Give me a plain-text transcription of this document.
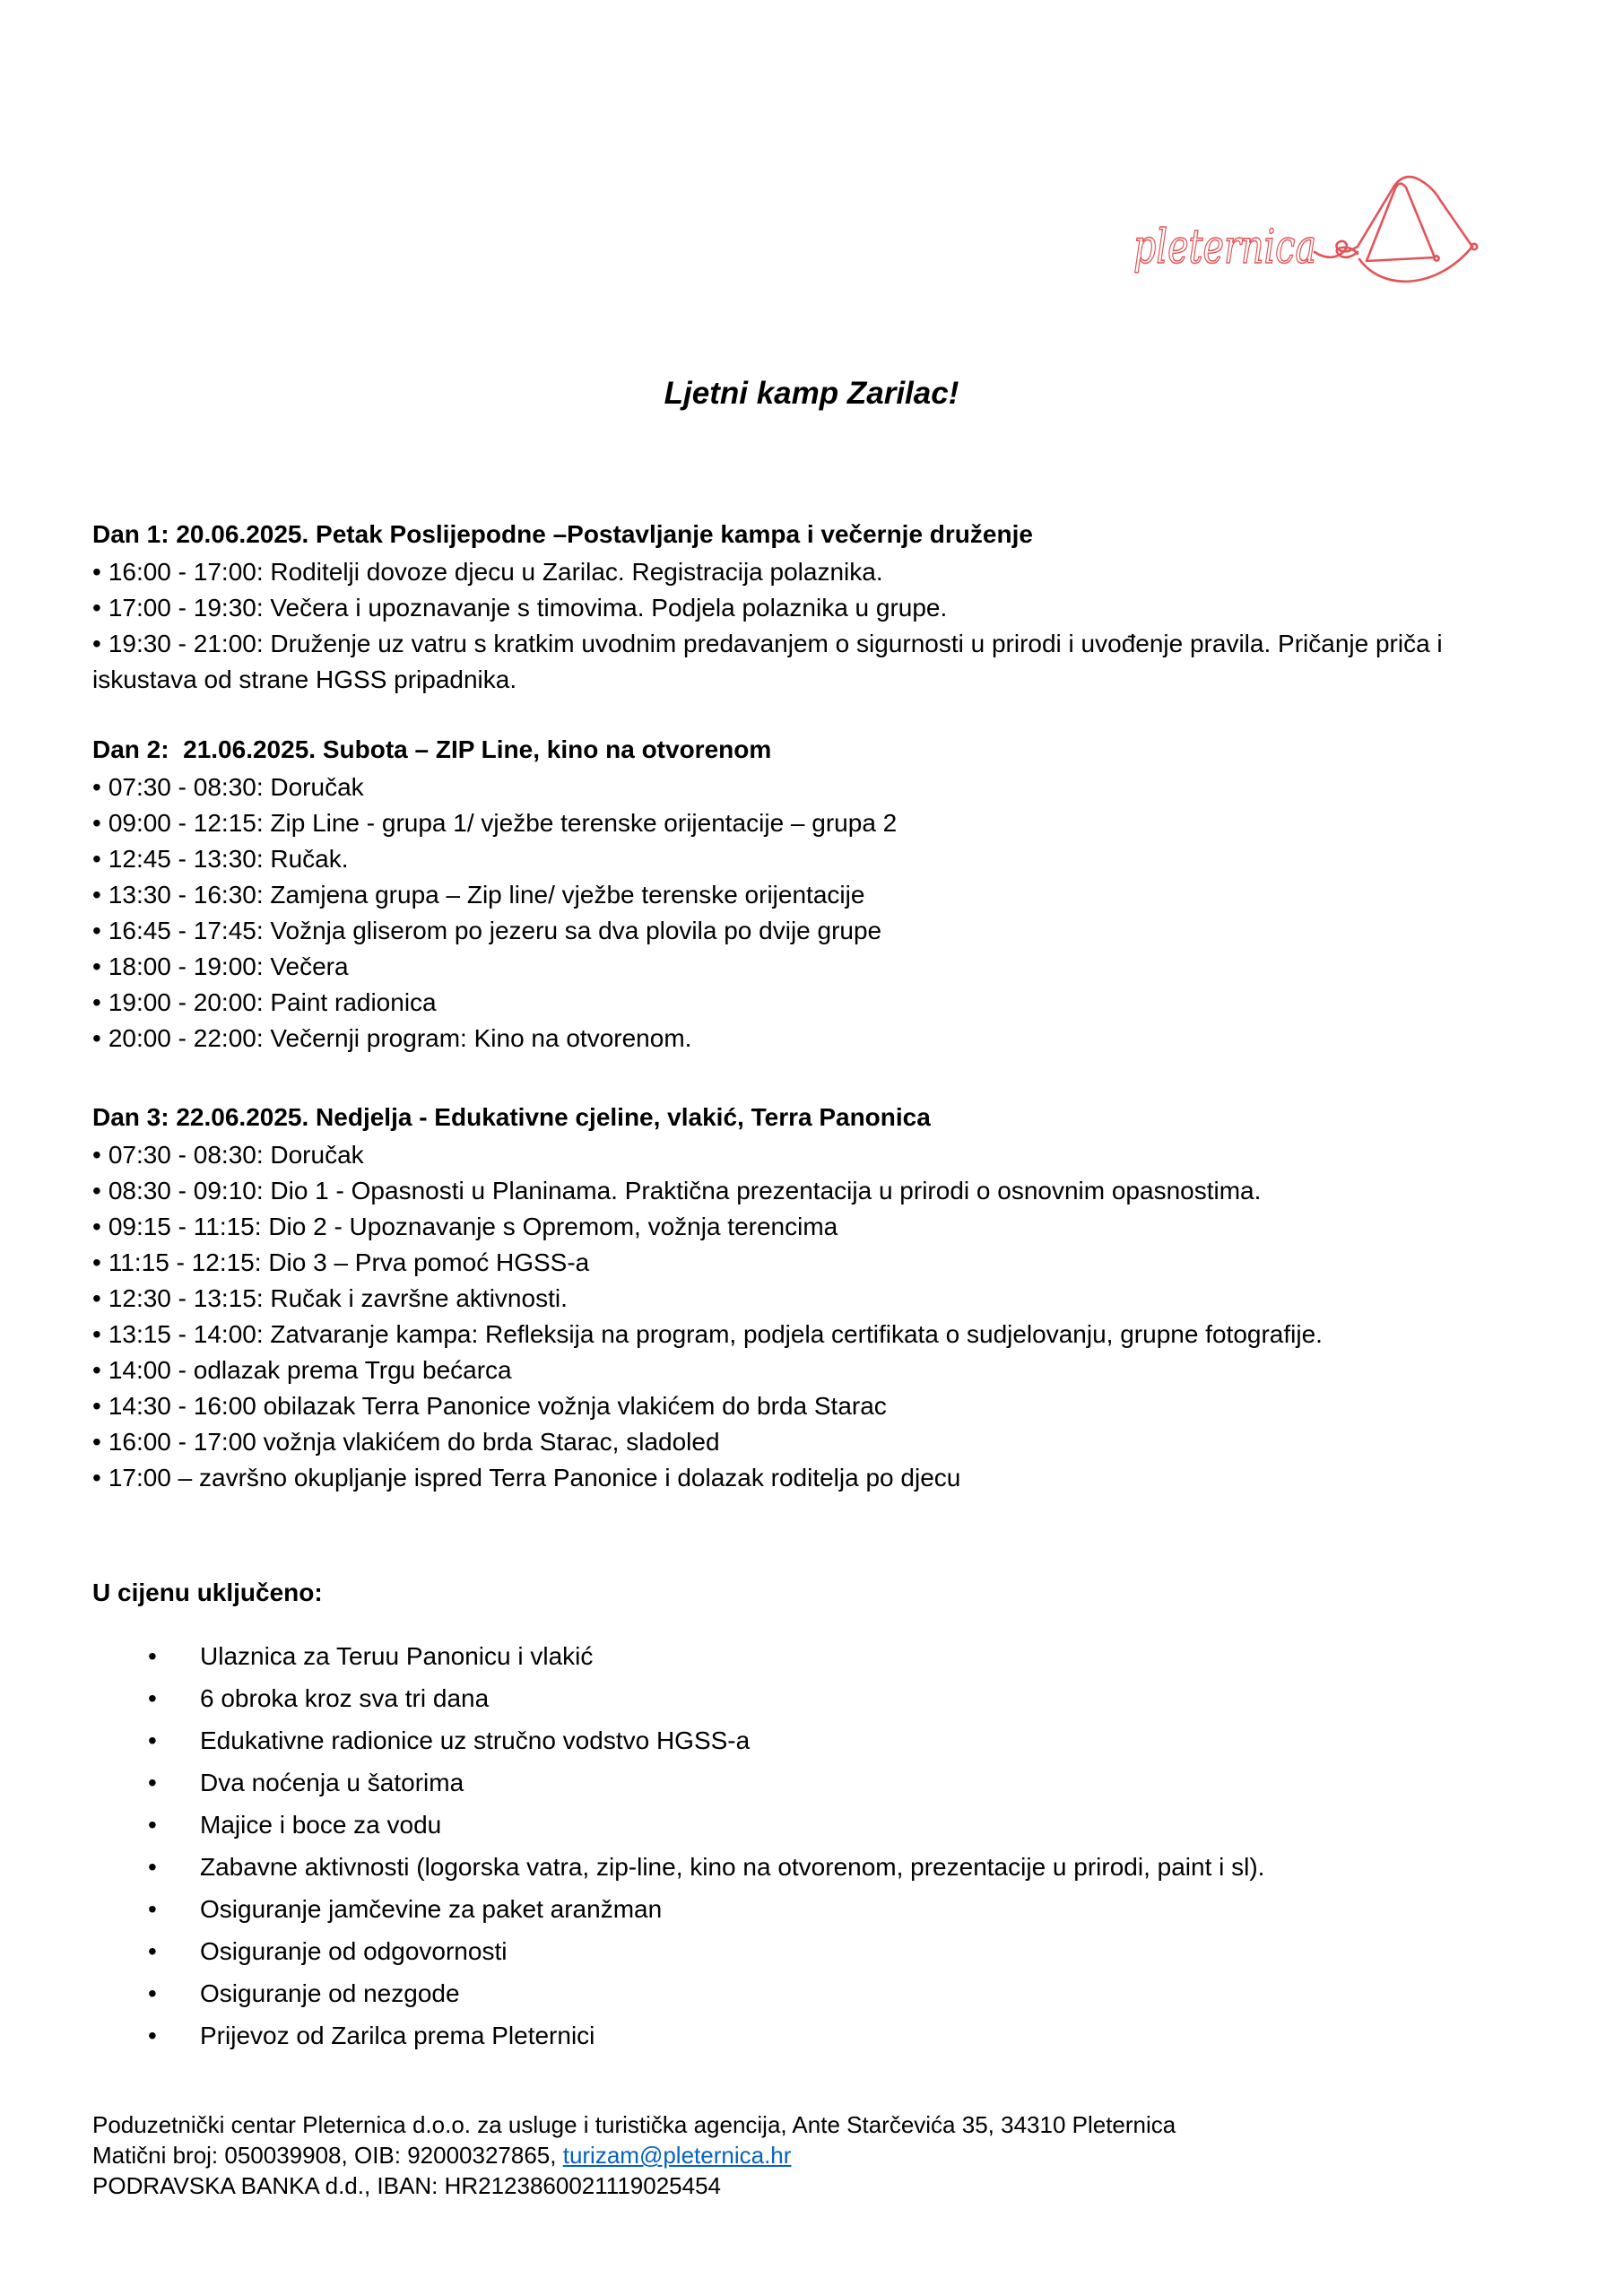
pleternica
Ljetni kamp Zarilac!
Dan 1: 20.06.2025. Petak Poslijepodne –Postavljanje kampa i večernje druženje

• 16:00 - 17:00: Roditelji dovoze djecu u Zarilac. Registracija polaznika.

• 17:00 - 19:30: Večera i upoznavanje s timovima. Podjela polaznika u grupe.

• 19:30 - 21:00: Druženje uz vatru s kratkim uvodnim predavanjem o sigurnosti u prirodi i uvođenje pravila. Pričanje priča i iskustava od strane HGSS pripadnika.

Dan 2:  21.06.2025. Subota – ZIP Line, kino na otvorenom

• 07:30 - 08:30: Doručak

• 09:00 - 12:15: Zip Line - grupa 1/ vježbe terenske orijentacije – grupa 2

• 12:45 - 13:30: Ručak.

• 13:30 - 16:30: Zamjena grupa – Zip line/ vježbe terenske orijentacije

• 16:45 - 17:45: Vožnja gliserom po jezeru sa dva plovila po dvije grupe

• 18:00 - 19:00: Večera

• 19:00 - 20:00: Paint radionica

• 20:00 - 22:00: Večernji program: Kino na otvorenom.

Dan 3: 22.06.2025. Nedjelja - Edukativne cjeline, vlakić, Terra Panonica

• 07:30 - 08:30: Doručak

• 08:30 - 09:10: Dio 1 - Opasnosti u Planinama. Praktična prezentacija u prirodi o osnovnim opasnostima.

• 09:15 - 11:15: Dio 2 - Upoznavanje s Opremom, vožnja terencima

• 11:15 - 12:15: Dio 3 – Prva pomoć HGSS-a

• 12:30 - 13:15: Ručak i završne aktivnosti.

• 13:15 - 14:00: Zatvaranje kampa: Refleksija na program, podjela certifikata o sudjelovanju, grupne fotografije.

• 14:00 - odlazak prema Trgu bećarca

• 14:30 - 16:00 obilazak Terra Panonice vožnja vlakićem do brda Starac

• 16:00 - 17:00 vožnja vlakićem do brda Starac, sladoled

• 17:00 – završno okupljanje ispred Terra Panonice i dolazak roditelja po djecu

U cijenu uključeno:

• Ulaznica za Teruu Panonicu i vlakić

• 6 obroka kroz sva tri dana

• Edukativne radionice uz stručno vodstvo HGSS-a

• Dva noćenja u šatorima

• Majice i boce za vodu

• Zabavne aktivnosti (logorska vatra, zip-line, kino na otvorenom, prezentacije u prirodi, paint i sl).

• Osiguranje jamčevine za paket aranžman

• Osiguranje od odgovornosti

• Osiguranje od nezgode

• Prijevoz od Zarilca prema Pleternici

Poduzetnički centar Pleternica d.o.o. za usluge i turistička agencija, Ante Starčevića 35, 34310 Pleternica

Matični broj: 050039908, OIB: 92000327865, turizam@pleternica.hr

PODRAVSKA BANKA d.d., IBAN: HR2123860021119025454
